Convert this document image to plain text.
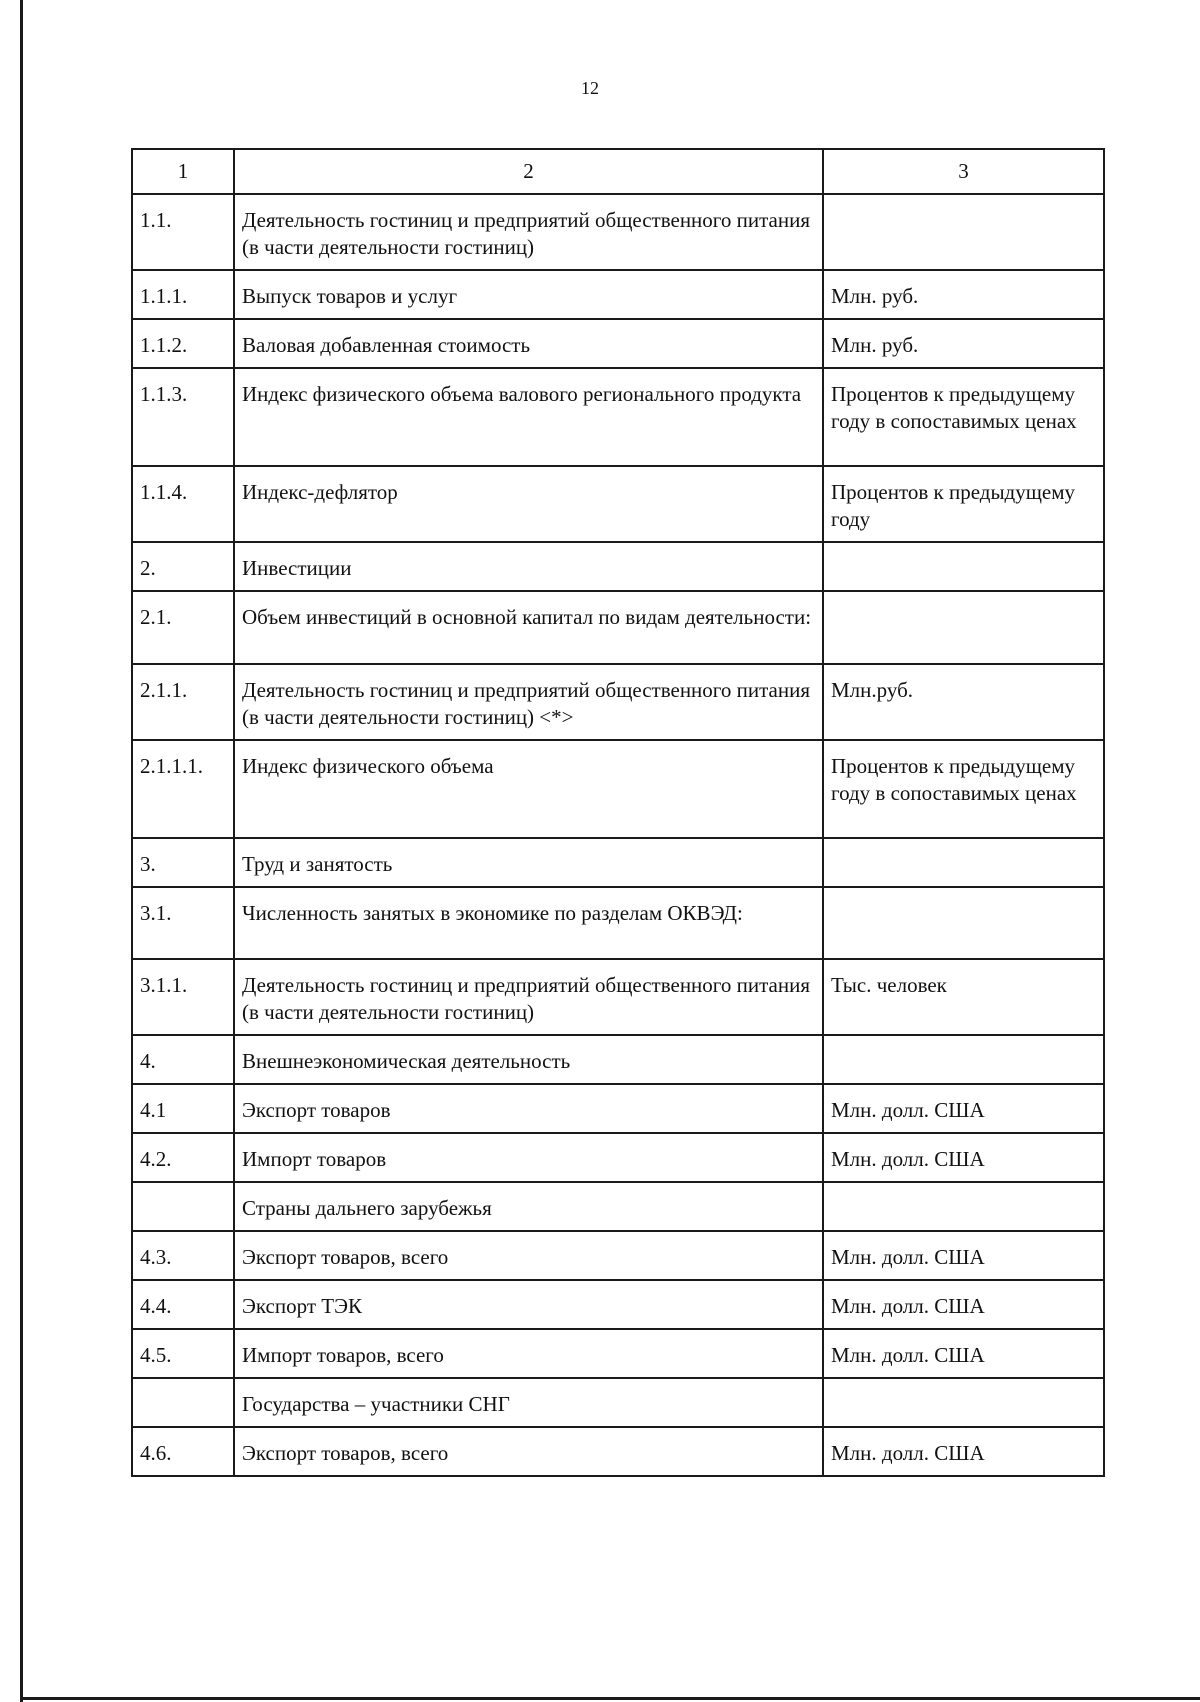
12
1	2	3
1.1.	Деятельность гостиниц и предприятий общественного питания (в части деятельности гостиниц)	
1.1.1.	Выпуск товаров и услуг	Млн. руб.
1.1.2.	Валовая добавленная стоимость	Млн. руб.
1.1.3.	Индекс физического объема валового регионального продукта	Процентов к предыдущему году в сопоставимых ценах
1.1.4.	Индекс-дефлятор	Процентов к предыдущему году
2.	Инвестиции	
2.1.	Объем инвестиций в основной капитал по видам деятельности:	
2.1.1.	Деятельность гостиниц и предприятий общественного питания (в части деятельности гостиниц) <*>	Млн.руб.
2.1.1.1.	Индекс физического объема	Процентов к предыдущему году в сопоставимых ценах
3.	Труд и занятость	
3.1.	Численность занятых в экономике по разделам ОКВЭД:	
3.1.1.	Деятельность гостиниц и предприятий общественного питания (в части деятельности гостиниц)	Тыс. человек
4.	Внешнеэкономическая деятельность	
4.1	Экспорт товаров	Млн. долл. США
4.2.	Импорт товаров	Млн. долл. США
	Страны дальнего зарубежья	
4.3.	Экспорт товаров, всего	Млн. долл. США
4.4.	Экспорт ТЭК	Млн. долл. США
4.5.	Импорт товаров, всего	Млн. долл. США
	Государства – участники СНГ	
4.6.	Экспорт товаров, всего	Млн. долл. США
